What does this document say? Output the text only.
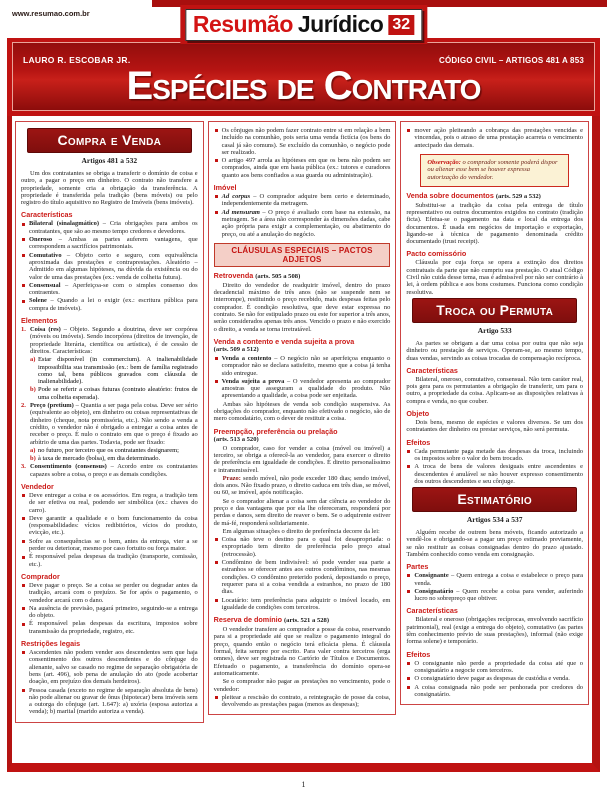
www.resumao.com.br	Resumão Jurídico 32
LAURO R. ESCOBAR JR.	CÓDIGO CIVIL – ARTIGOS 481 A 853
Espécies de Contrato
Compra e Venda
Artigos 481 a 532

Um dos contratantes se obriga a transferir o domínio de coisa e outro, a pagar o preço em dinheiro. O contrato não transfere a propriedade, somente cria a obrigação da transferência. A propriedade é transferida pela tradição (bens móveis) ou pelo registro do título aquisitivo no Registro de Imóveis (bens imóveis).

Características
Bilateral (sinalagmático) – Cria obrigações para ambos os contratantes, que são ao mesmo tempo credores e devedores.
Oneroso – Ambas as partes auferem vantagens, que correspondem a sacrifícios patrimoniais.
Comutativo – Objeto certo e seguro, com equivalência aproximada das prestações e contraprestações. Aleatório – Admitido em algumas hipóteses, na dúvida da existência ou do valor de uma das prestações (ex.: venda de colheita futura).
Consensual – Aperfeiçoa-se com o simples consenso dos contraentes.
Solene – Quando a lei o exigir (ex.: escritura pública para compra de imóveis).
Elementos
1. Coisa (res) – Objeto. Segundo a doutrina, deve ser corpórea (móveis ou imóveis). Sendo incorpórea (direitos de invenção, de propriedade literária, científica ou artística), é de cessão de direitos. Características:
a) Estar disponível (in commercium). A inalienabilidade impossibilita sua transmissão (ex.: bem de família registrado como tal, bens públicos gravados com cláusula de inalienabilidade).
b) Pode se referir a coisas futuras (contrato aleatório: frutos de uma colheita esperada).
2. Preço (pretium) – Quantia a ser paga pela coisa. Deve ser sério (equivalente ao objeto), em dinheiro ou coisas representativas de dinheiro (cheque, nota promissória, etc.). Não sendo a venda a crédito, o vendedor não é obrigado a entregar a coisa antes de receber o preço. É nulo o contrato em que o preço é fixado ao arbítrio de uma das partes. Todavia, pode ser fixado:
a) no futuro, por terceiro que os contratantes designarem;
b) à taxa de mercado (bolsa), em dia determinado.
3. Consentimento (consensus) – Acordo entre os contratantes capazes sobre a coisa, o preço e as demais condições.
Vendedor
Deve entregar a coisa e os acessórios. Em regra, a tradição tem de ser efetiva ou real, podendo ser simbólica (ex.: chaves do carro).
Deve garantir a qualidade e o bom funcionamento da coisa (responsabilidades: vícios redibitórios, vícios do produto, evicção, etc.).
Sofre as consequências se o bem, antes da entrega, vier a se perder ou deteriorar, mesmo por caso fortuito ou força maior.
É responsável pelas despesas da tradição (transporte, comissão, etc.).
Comprador
Deve pagar o preço. Se a coisa se perder ou degradar antes da tradição, arcará com o prejuízo. Se for após o pagamento, o vendedor arcará com o dano.
Na ausência de previsão, pagará primeiro, seguindo-se a entrega do objeto.
É responsável pelas despesas da escritura, impostos sobre transmissão da propriedade, registro, etc.
Restrições legais
Ascendentes não podem vender aos descendentes sem que haja consentimento dos outros descendentes e do cônjuge do alienante, salvo se casado no regime de separação obrigatória de bens (art. 496), sob pena de anulação do ato (pode acobertar doação, em prejuízo dos demais herdeiros).
Pessoa casada (exceto no regime de separação absoluta de bens) não pode alienar ou gravar de ônus (hipotecar) bens imóveis sem a outorga do cônjuge (art. 1.647): a) uxória (esposa autoriza a venda); b) marital (marido autoriza a venda).
Os cônjuges não podem fazer contrato entre si em relação a bem incluído na comunhão, pois seria uma venda fictícia (os bens do casal já são comuns). Se excluído da comunhão, o negócio pode ser realizado.
O artigo 497 arrola as hipóteses em que os bens não podem ser comprados, ainda que em hasta pública (ex.: tutores e curadores quanto aos bens confiados a sua guarda ou administração).
Imóvel
Ad corpus – O comprador adquire bem certo e determinado, independentemente da metragem.
Ad mensuram – O preço é avaliado com base na extensão, na metragem. Se a área não corresponder às dimensões dadas, cabe ação própria para exigir a complementação, ou abatimento do preço, ou até a anulação do negócio.
CLÁUSULAS ESPECIAIS – PACTOS ADJETOS
Retrovenda (arts. 505 a 508)

Direito do vendedor de readquirir imóvel, dentro do prazo decadencial máximo de três anos (não se suspende nem se interrompe), restituindo o preço recebido, mais despesas feitas pelo comprador. É condição resolutiva, que deve estar expressa no contrato. Se não for estipulado prazo ou este for superior a três anos, serão considerados apenas três anos. Vencido o prazo e não exercido o direito, a venda se torna irretratável.

Venda a contento e venda sujeita a prova
(arts. 509 a 512)
Venda a contento – O negócio não se aperfeiçoa enquanto o comprador não se declara satisfeito, mesmo que a coisa já tenha sido entregue.
Venda sujeita a prova – O vendedor apresenta ao comprador amostras que asseguram a qualidade do produto. Não apresentando a qualidade, a coisa pode ser enjeitada.

Ambas são hipóteses de venda sob condição suspensiva. As obrigações do comprador, enquanto não efetivado o negócio, são de mero comodatário, com o dever de restituir a coisa.

Preempção, preferência ou prelação
(arts. 513 a 520)

O comprador, caso for vender a coisa (móvel ou imóvel) a terceiro, se obriga a oferecê-la ao vendedor, para exercer o direito de preferência em igualdade de condições. É direito personalíssimo e intransmissível.

Prazo: sendo móvel, não pode exceder 180 dias; sendo imóvel, dois anos. Não fixado prazo, o direito caduca em três dias, se móvel, ou 60, se imóvel, após notificação.

Se o comprador alienar a coisa sem dar ciência ao vendedor do preço e das vantagens que por ela lhe ofereceram, responderá por perdas e danos, sem direito de reaver o bem. Se o adquirente estiver de má-fé, responderá solidariamente.

Em algumas situações o direito de preferência decorre da lei:

Coisa não teve o destino para o qual foi desapropriada: o expropriado tem direito de preferência pelo preço atual (retrocessão).
Condômino de bem indivisível: só pode vender sua parte a estranhos se oferecer antes aos outros condôminos, nas mesmas condições. O condômino preterido poderá, depositando o preço, requerer para si a coisa vendida a estranhos, no prazo de 180 dias.
Locatário: tem preferência para adquirir o imóvel locado, em igualdade de condições com terceiros.
Reserva de domínio (arts. 521 a 528)

O vendedor transfere ao comprador a posse da coisa, reservando para si a propriedade até que se realize o pagamento integral do preço, quando então o negócio terá eficácia plena. É cláusula formal, feita sempre por escrito. Para valer contra terceiros (erga omnes), deve ser registrada no Cartório de Títulos e Documentos. Efetuado o pagamento, a transferência do domínio opera-se automaticamente.

Se o comprador não pagar as prestações no vencimento, pode o vendedor:

pleitear a rescisão do contrato, a reintegração de posse da coisa, devolvendo as prestações pagas (menos as despesas);
mover ação pleiteando a cobrança das prestações vencidas e vincendas, pois o atraso de uma prestação acarreta o vencimento antecipado das demais.
Observação: o comprador somente poderá dispor ou alienar esse bem se houver expressa autorização do vendedor.
Venda sobre documentos (arts. 529 a 532)

Substitui-se a tradição da coisa pela entrega de título representativo ou outros documentos exigidos no contrato (tradição ficta). Efetua-se o pagamento na data e local da entrega dos documentos. É usada em negócios de importação e exportação, ligando-se à técnica de pagamento denominada crédito documentado (trust receipt).

Pacto comissório

Cláusula por cuja força se opera a extinção dos direitos contratuais da parte que não cumpriu sua prestação. O atual Código Civil não cuida desse tema, mas é admissível por não ser contrário à lei, à ordem pública e aos bons costumes. Funciona como condição resolutiva.

Troca ou Permuta
Artigo 533

As partes se obrigam a dar uma coisa por outra que não seja dinheiro ou prestação de serviços. Operam-se, ao mesmo tempo, duas vendas, servindo as coisas trocadas de compensação recíproca.

Características

Bilateral, oneroso, comutativo, consensual. Não tem caráter real, pois gera para os permutantes a obrigação de transferir, um para o outro, a propriedade da coisa. Aplicam-se as disposições relativas à compra e venda, no que couber.

Objeto

Dois bens, mesmo de espécies e valores diversos. Se um dos contratantes der dinheiro ou prestar serviços, não será permuta.

Efeitos
Cada permutante paga metade das despesas da troca, incluindo os impostos sobre o valor do bem trocado.
A troca de bens de valores desiguais entre ascendentes e descendentes é anulável se não houver expresso consentimento dos outros descendentes e seu cônjuge.
Estimatório
Artigos 534 a 537

Alguém recebe de outrem bens móveis, ficando autorizado a vendê-los e obrigando-se a pagar um preço estimado previamente, se não restituir as coisas consignadas dentro do prazo ajustado. Também conhecido como venda em consignação.

Partes
Consignante – Quem entrega a coisa e estabelece o preço para venda.
Consignatário – Quem recebe a coisa para vender, auferindo lucro no sobrepreço que obtiver.
Características

Bilateral e oneroso (obrigações recíprocas, envolvendo sacrifício patrimonial), real (exige a entrega do objeto), comutativo (as partes têm conhecimento prévio de suas prestações), informal (não exige forma solene) e temporário.

Efeitos
O consignante não perde a propriedade da coisa até que o consignatário a negocie com terceiros.
O consignatário deve pagar as despesas de custódia e venda.
A coisa consignada não pode ser penhorada por credores do consignatário.
1
